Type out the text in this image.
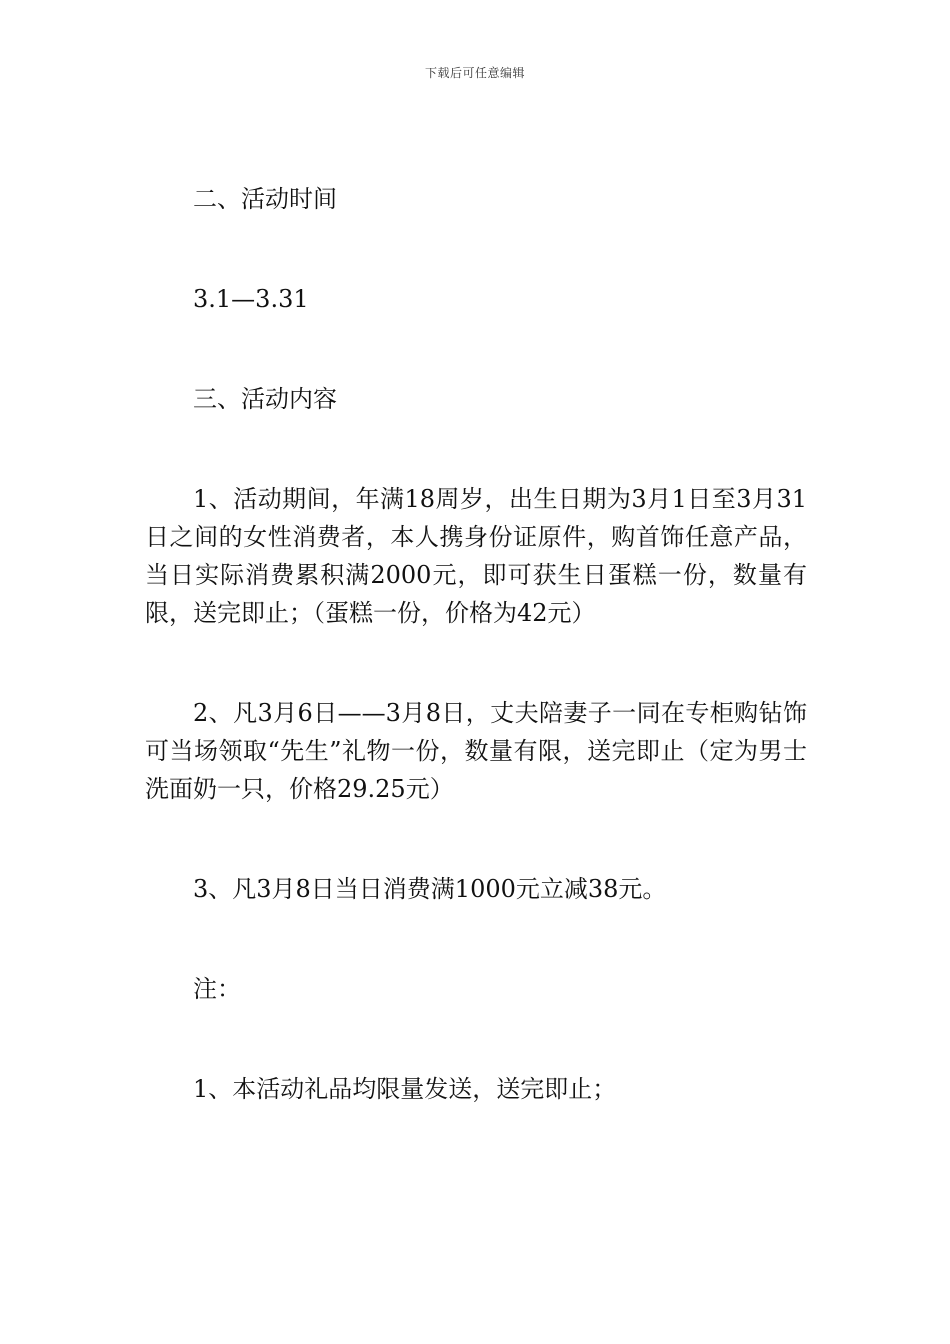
下载后可任意编辑

二、活动时间

3.1—3.31

三、活动内容

1、活动期间，年满18周岁，出生日期为3月1日至3月31日之间的女性消费者，本人携身份证原件，购首饰任意产品，当日实际消费累积满2000元，即可获生日蛋糕一份，数量有限，送完即止；（蛋糕一份，价格为42元）

2、凡3月6日——3月8日，丈夫陪妻子一同在专柜购钻饰可当场领取“先生”礼物一份，数量有限，送完即止（定为男士洗面奶一只，价格29.25元）

3、凡3月8日当日消费满1000元立减38元。

注：

1、本活动礼品均限量发送，送完即止；
